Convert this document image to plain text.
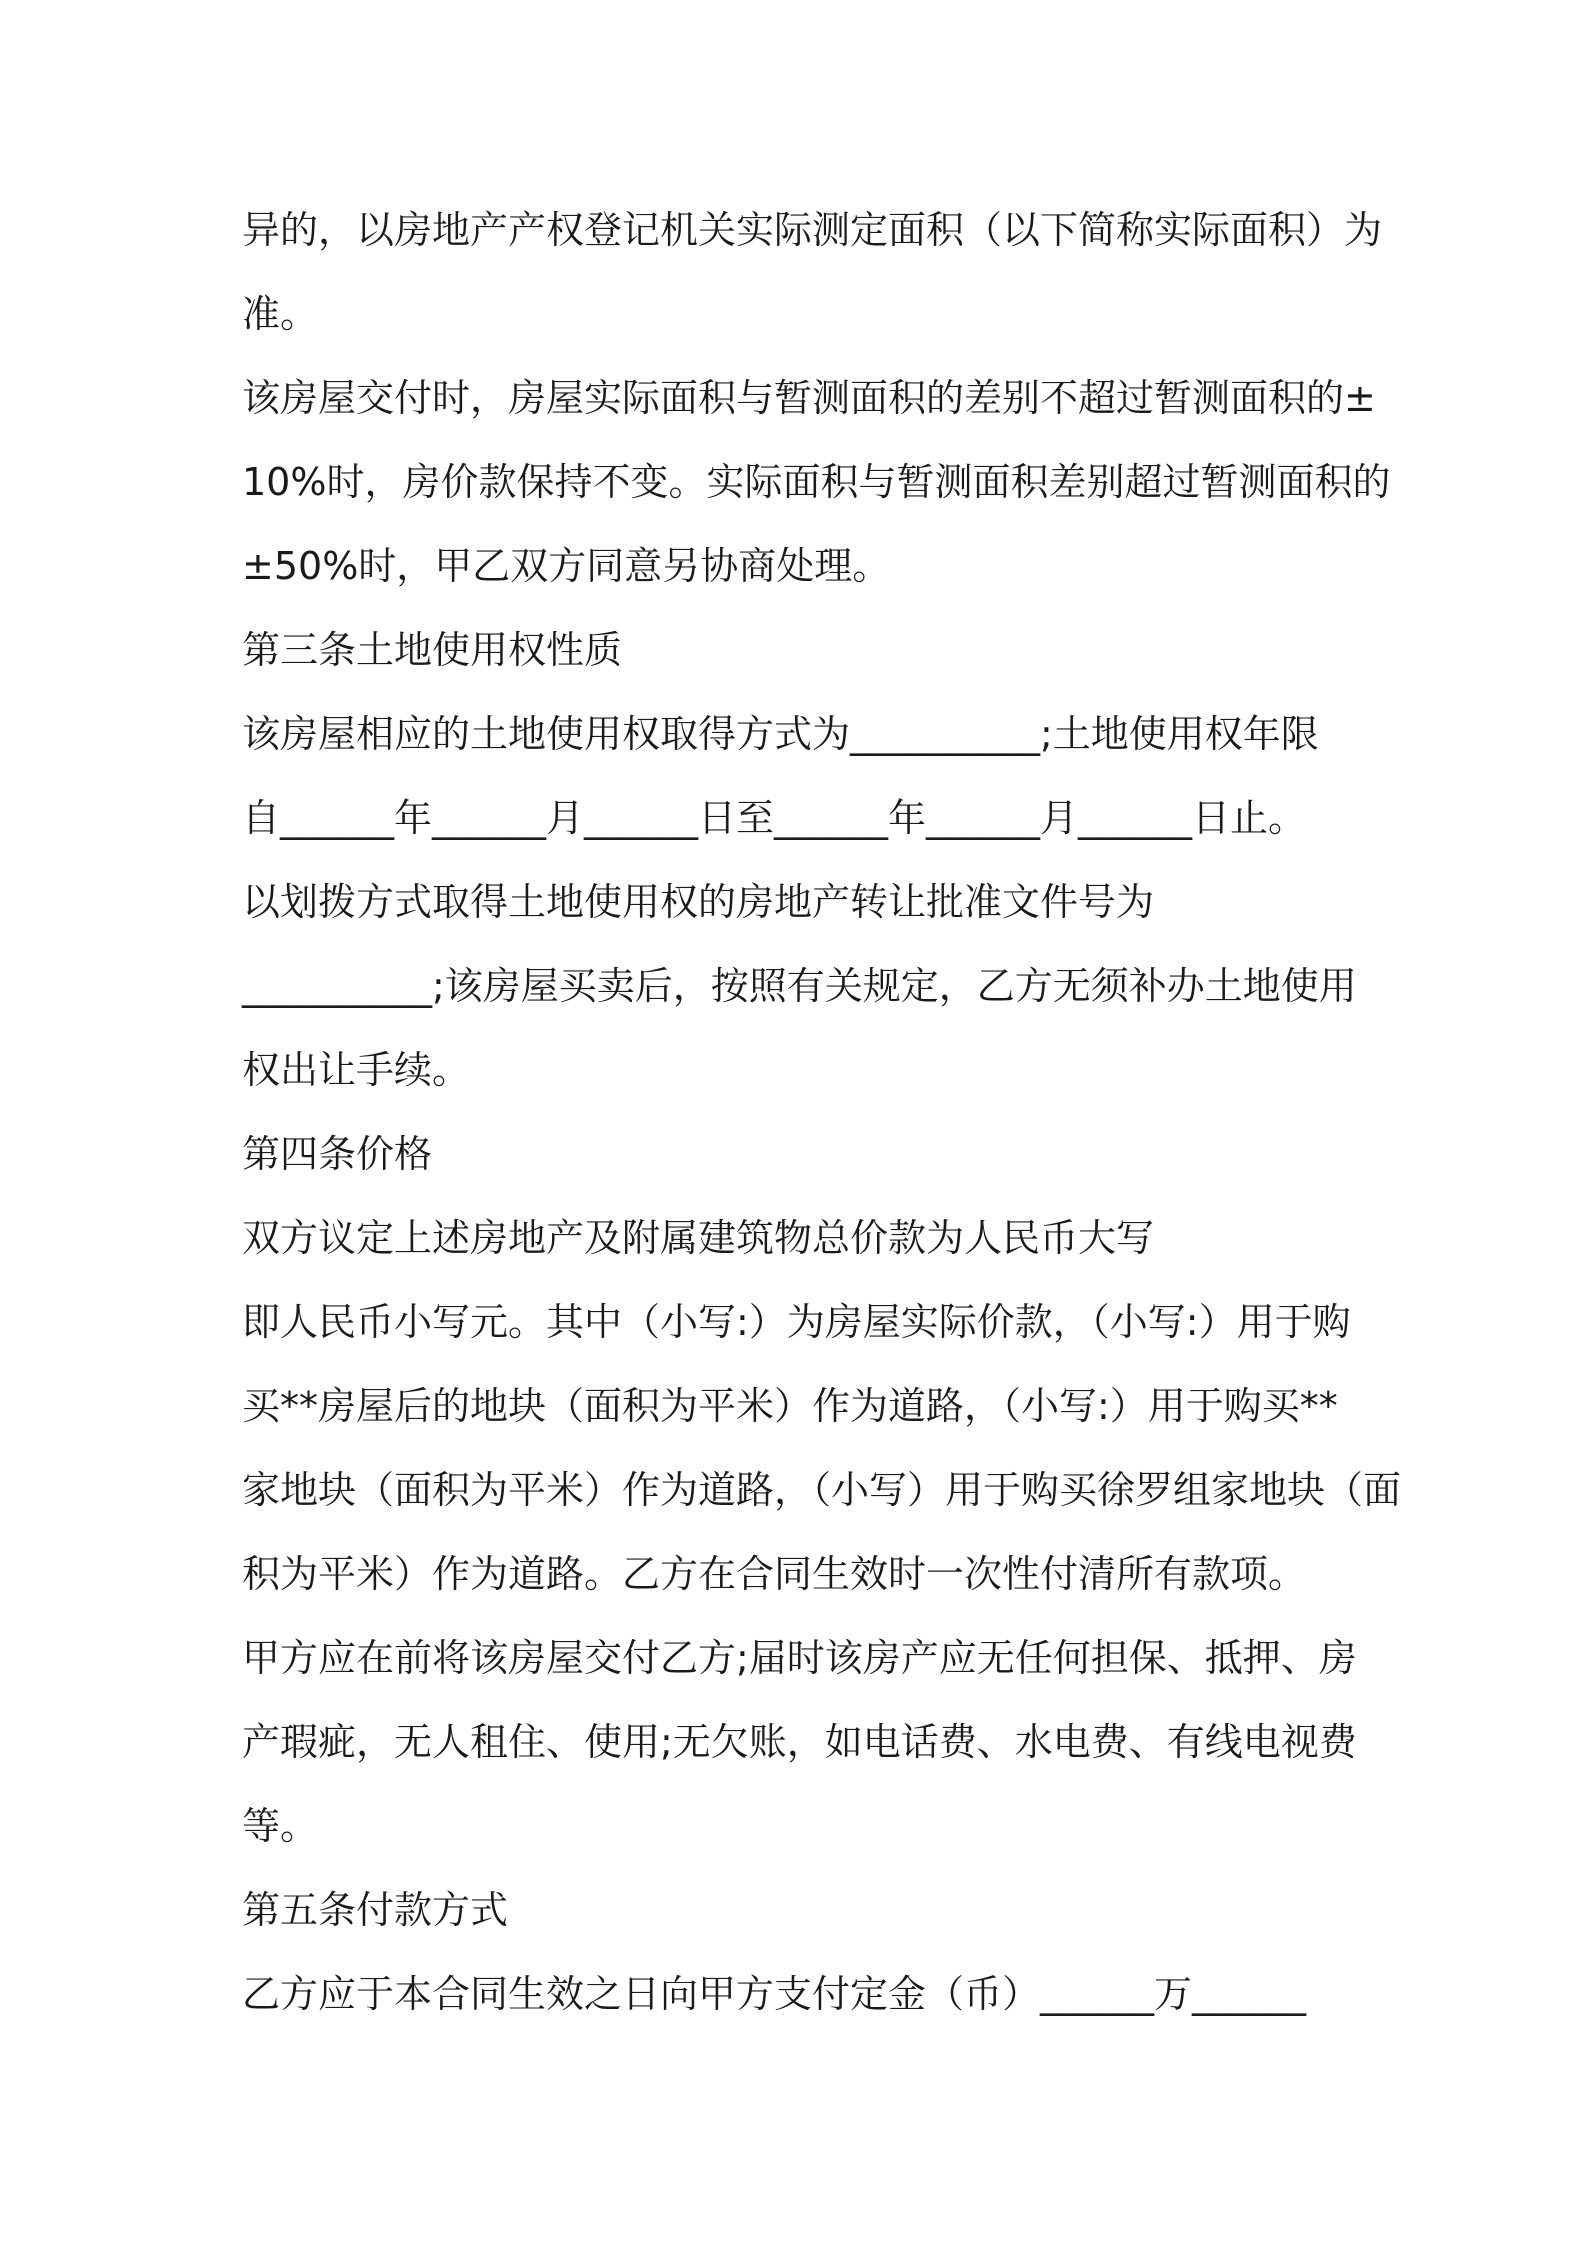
异的，以房地产产权登记机关实际测定面积（以下简称实际面积）为
准。
该房屋交付时，房屋实际面积与暂测面积的差别不超过暂测面积的±
10%时，房价款保持不变。实际面积与暂测面积差别超过暂测面积的
±50%时，甲乙双方同意另协商处理。
第三条土地使用权性质
该房屋相应的土地使用权取得方式为__________;土地使用权年限
自______年______月______日至______年______月______日止。
以划拨方式取得土地使用权的房地产转让批准文件号为
__________;该房屋买卖后，按照有关规定，乙方无须补办土地使用
权出让手续。
第四条价格
双方议定上述房地产及附属建筑物总价款为人民币大写
即人民币小写元。其中（小写:）为房屋实际价款，（小写:）用于购
买**房屋后的地块（面积为平米）作为道路，（小写:）用于购买**
家地块（面积为平米）作为道路，（小写）用于购买徐罗组家地块（面
积为平米）作为道路。乙方在合同生效时一次性付清所有款项。
甲方应在前将该房屋交付乙方;届时该房产应无任何担保、抵押、房
产瑕疵，无人租住、使用;无欠账，如电话费、水电费、有线电视费
等。
第五条付款方式
乙方应于本合同生效之日向甲方支付定金（币）______万______
